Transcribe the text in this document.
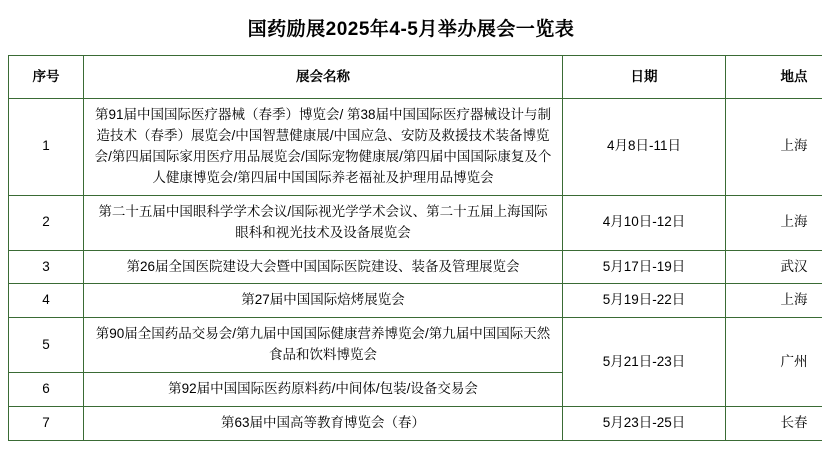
国药励展2025年4-5月举办展会一览表
序号	展会名称	日期	地点
1	第91届中国国际医疗器械（春季）博览会/ 第38届中国国际医疗器械设计与制造技术（春季）展览会/中国智慧健康展/中国应急、安防及救援技术装备博览会/第四届国际家用医疗用品展览会/国际宠物健康展/第四届中国国际康复及个人健康博览会/第四届中国国际养老福祉及护理用品博览会	4月8日-11日	上海
2	第二十五届中国眼科学学术会议/国际视光学学术会议、第二十五届上海国际眼科和视光技术及设备展览会	4月10日-12日	上海
3	第26届全国医院建设大会暨中国国际医院建设、装备及管理展览会	5月17日-19日	武汉
4	第27届中国国际焙烤展览会	5月19日-22日	上海
5	第90届全国药品交易会/第九届中国国际健康营养博览会/第九届中国国际天然食品和饮料博览会	5月21日-23日	广州
6	第92届中国国际医药原料药/中间体/包装/设备交易会		

7	第63届中国高等教育博览会（春）	5月23日-25日	长春
